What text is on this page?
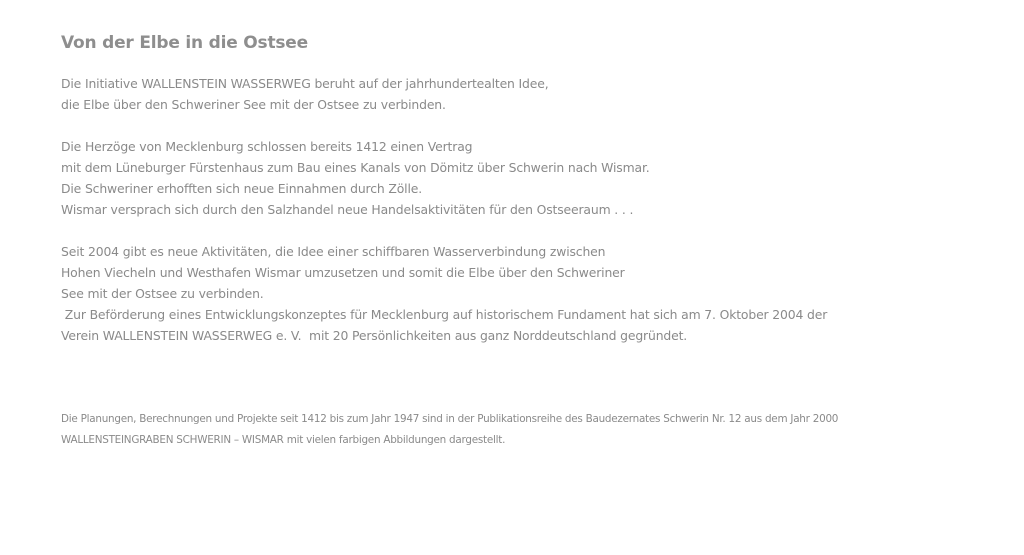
Von der Elbe in die Ostsee

Die Initiative WALLENSTEIN WASSERWEG beruht auf der jahrhundertealten Idee,
die Elbe über den Schweriner See mit der Ostsee zu verbinden.

Die Herzöge von Mecklenburg schlossen bereits 1412 einen Vertrag
mit dem Lüneburger Fürstenhaus zum Bau eines Kanals von Dömitz über Schwerin nach Wismar.
Die Schweriner erhofften sich neue Einnahmen durch Zölle.
Wismar versprach sich durch den Salzhandel neue Handelsaktivitäten für den Ostseeraum . . .

Seit 2004 gibt es neue Aktivitäten, die Idee einer schiffbaren Wasserverbindung zwischen
Hohen Viecheln und Westhafen Wismar umzusetzen und somit die Elbe über den Schweriner
See mit der Ostsee zu verbinden.
Zur Beförderung eines Entwicklungskonzeptes für Mecklenburg auf historischem Fundament hat sich am 7. Oktober 2004 der
Verein WALLENSTEIN WASSERWEG e. V.  mit 20 Persönlichkeiten aus ganz Norddeutschland gegründet.

Die Planungen, Berechnungen und Projekte seit 1412 bis zum Jahr 1947 sind in der Publikationsreihe des Baudezernates Schwerin Nr. 12 aus dem Jahr 2000
WALLENSTEINGRABEN SCHWERIN – WISMAR mit vielen farbigen Abbildungen dargestellt.
